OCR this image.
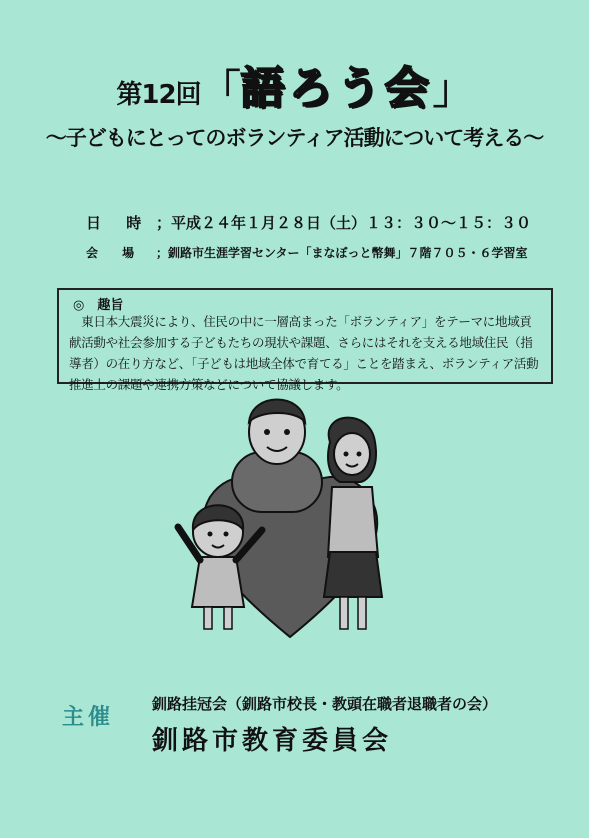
第12回「語ろう会」
〜子どもにとってのボランティア活動について考える〜
日 時 ；平成２４年１月２８日（土）１３：３０〜１５：３０
会 場 ；釧路市生涯学習センター「まなぼっと幣舞」７階７０５・６学習室
◎　趣旨
　東日本大震災により、住民の中に一層高まった「ボランティア」をテーマに地域貢献活動や社会参加する子どもたちの現状や課題、さらにはそれを支える地域住民（指導者）の在り方など、「子どもは地域全体で育てる」ことを踏まえ、ボランティア活動推進上の課題や連携方策などについて協議します。
主催
釧路挂冠会（釧路市校長・教頭在職者退職者の会）
釧路市教育委員会
